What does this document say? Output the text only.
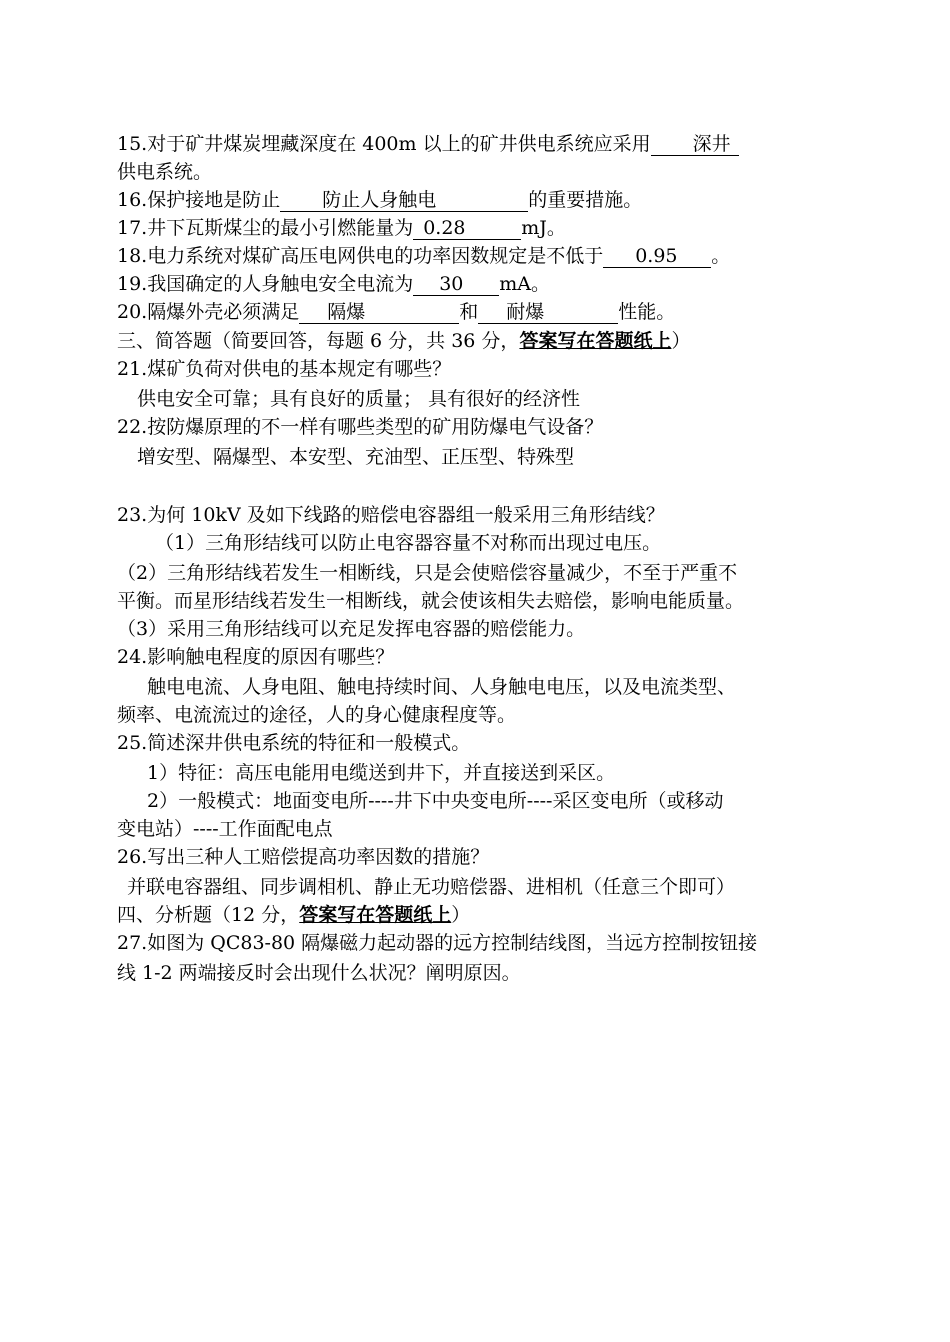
15.对于矿井煤炭埋藏深度在 400m 以上的矿井供电系统应采用 深井
供电系统。
16.保护接地是防止 防止人身触电	的重要措施。
17.井下瓦斯煤尘的最小引燃能量为 0.28	mJ。
18.电力系统对煤矿高压电网供电的功率因数规定是不低于 0.95 。
19.我国确定的人身触电安全电流为 30 mA。
20.隔爆外壳必须满足 隔爆	和 耐爆	性能。
三、简答题（简要回答，每题 6 分，共 36 分，答案写在答题纸上）
21.煤矿负荷对供电的基本规定有哪些？
供电安全可靠；具有良好的质量； 具有很好的经济性
22.按防爆原理的不一样有哪些类型的矿用防爆电气设备？
增安型、隔爆型、本安型、充油型、正压型、特殊型
23.为何 10kV 及如下线路的赔偿电容器组一般采用三角形结线？
（1）三角形结线可以防止电容器容量不对称而出现过电压。
（2）三角形结线若发生一相断线，只是会使赔偿容量减少，不至于严重不
平衡。而星形结线若发生一相断线，就会使该相失去赔偿，影响电能质量。
（3）采用三角形结线可以充足发挥电容器的赔偿能力。
24.影响触电程度的原因有哪些？
触电电流、人身电阻、触电持续时间、人身触电电压，以及电流类型、
频率、电流流过的途径，人的身心健康程度等。
25.简述深井供电系统的特征和一般模式。
1）特征：高压电能用电缆送到井下，并直接送到采区。
2）一般模式：地面变电所----井下中央变电所----采区变电所（或移动
变电站）----工作面配电点
26.写出三种人工赔偿提高功率因数的措施？
并联电容器组、同步调相机、静止无功赔偿器、进相机（任意三个即可）
四、分析题（12 分，答案写在答题纸上）
27.如图为 QC83-80 隔爆磁力起动器的远方控制结线图，当远方控制按钮接
线 1-2 两端接反时会出现什么状况？阐明原因。
